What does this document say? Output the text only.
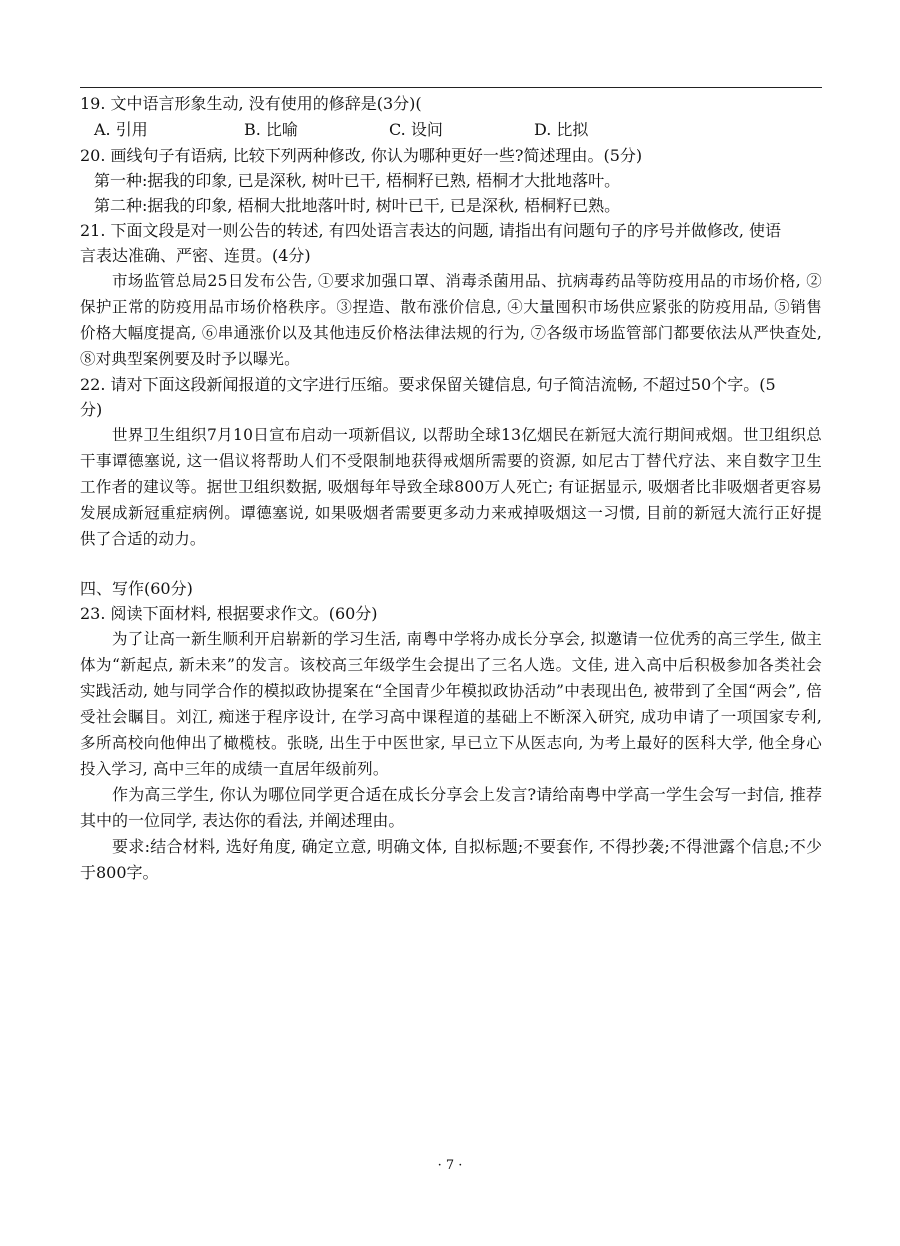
19. 文中语言形象生动, 没有使用的修辞是(3分)(
A. 引用	B. 比喻	C. 设问	D. 比拟
20. 画线句子有语病, 比较下列两种修改, 你认为哪种更好一些?简述理由。(5分)
第一种:据我的印象, 已是深秋, 树叶已干, 梧桐籽已熟, 梧桐才大批地落叶。
第二种:据我的印象, 梧桐大批地落叶时, 树叶已干, 已是深秋, 梧桐籽已熟。
21. 下面文段是对一则公告的转述, 有四处语言表达的问题, 请指出有问题句子的序号并做修改, 使语
言表达准确、严密、连贯。(4分)
市场监管总局25日发布公告, ①要求加强口罩、消毒杀菌用品、抗病毒药品等防疫用品的市场价格, ②保护正常的防疫用品市场价格秩序。③捏造、散布涨价信息, ④大量囤积市场供应紧张的防疫用品, ⑤销售价格大幅度提高, ⑥串通涨价以及其他违反价格法律法规的行为, ⑦各级市场监管部门都要依法从严快查处, ⑧对典型案例要及时予以曝光。
22. 请对下面这段新闻报道的文字进行压缩。要求保留关键信息, 句子简洁流畅, 不超过50个字。(5
分)
世界卫生组织7月10日宣布启动一项新倡议, 以帮助全球13亿烟民在新冠大流行期间戒烟。世卫组织总干事谭德塞说, 这一倡议将帮助人们不受限制地获得戒烟所需要的资源, 如尼古丁替代疗法、来自数字卫生工作者的建议等。据世卫组织数据, 吸烟每年导致全球800万人死亡; 有证据显示, 吸烟者比非吸烟者更容易发展成新冠重症病例。谭德塞说, 如果吸烟者需要更多动力来戒掉吸烟这一习惯, 目前的新冠大流行正好提供了合适的动力。
四、写作(60分)
23. 阅读下面材料, 根据要求作文。(60分)
为了让高一新生顺利开启崭新的学习生活, 南粤中学将办成长分享会, 拟邀请一位优秀的高三学生, 做主体为“新起点, 新未来”的发言。该校高三年级学生会提出了三名人选。文佳, 进入高中后积极参加各类社会实践活动, 她与同学合作的模拟政协提案在“全国青少年模拟政协活动”中表现出色, 被带到了全国“两会”, 倍受社会瞩目。刘江, 痴迷于程序设计, 在学习高中课程道的基础上不断深入研究, 成功申请了一项国家专利, 多所高校向他伸出了橄榄枝。张晓, 出生于中医世家, 早已立下从医志向, 为考上最好的医科大学, 他全身心投入学习, 高中三年的成绩一直居年级前列。
作为高三学生, 你认为哪位同学更合适在成长分享会上发言?请给南粤中学高一学生会写一封信, 推荐其中的一位同学, 表达你的看法, 并阐述理由。
要求:结合材料, 选好角度, 确定立意, 明确文体, 自拟标题;不要套作, 不得抄袭;不得泄露个信息;不少于800字。
· 7 ·
